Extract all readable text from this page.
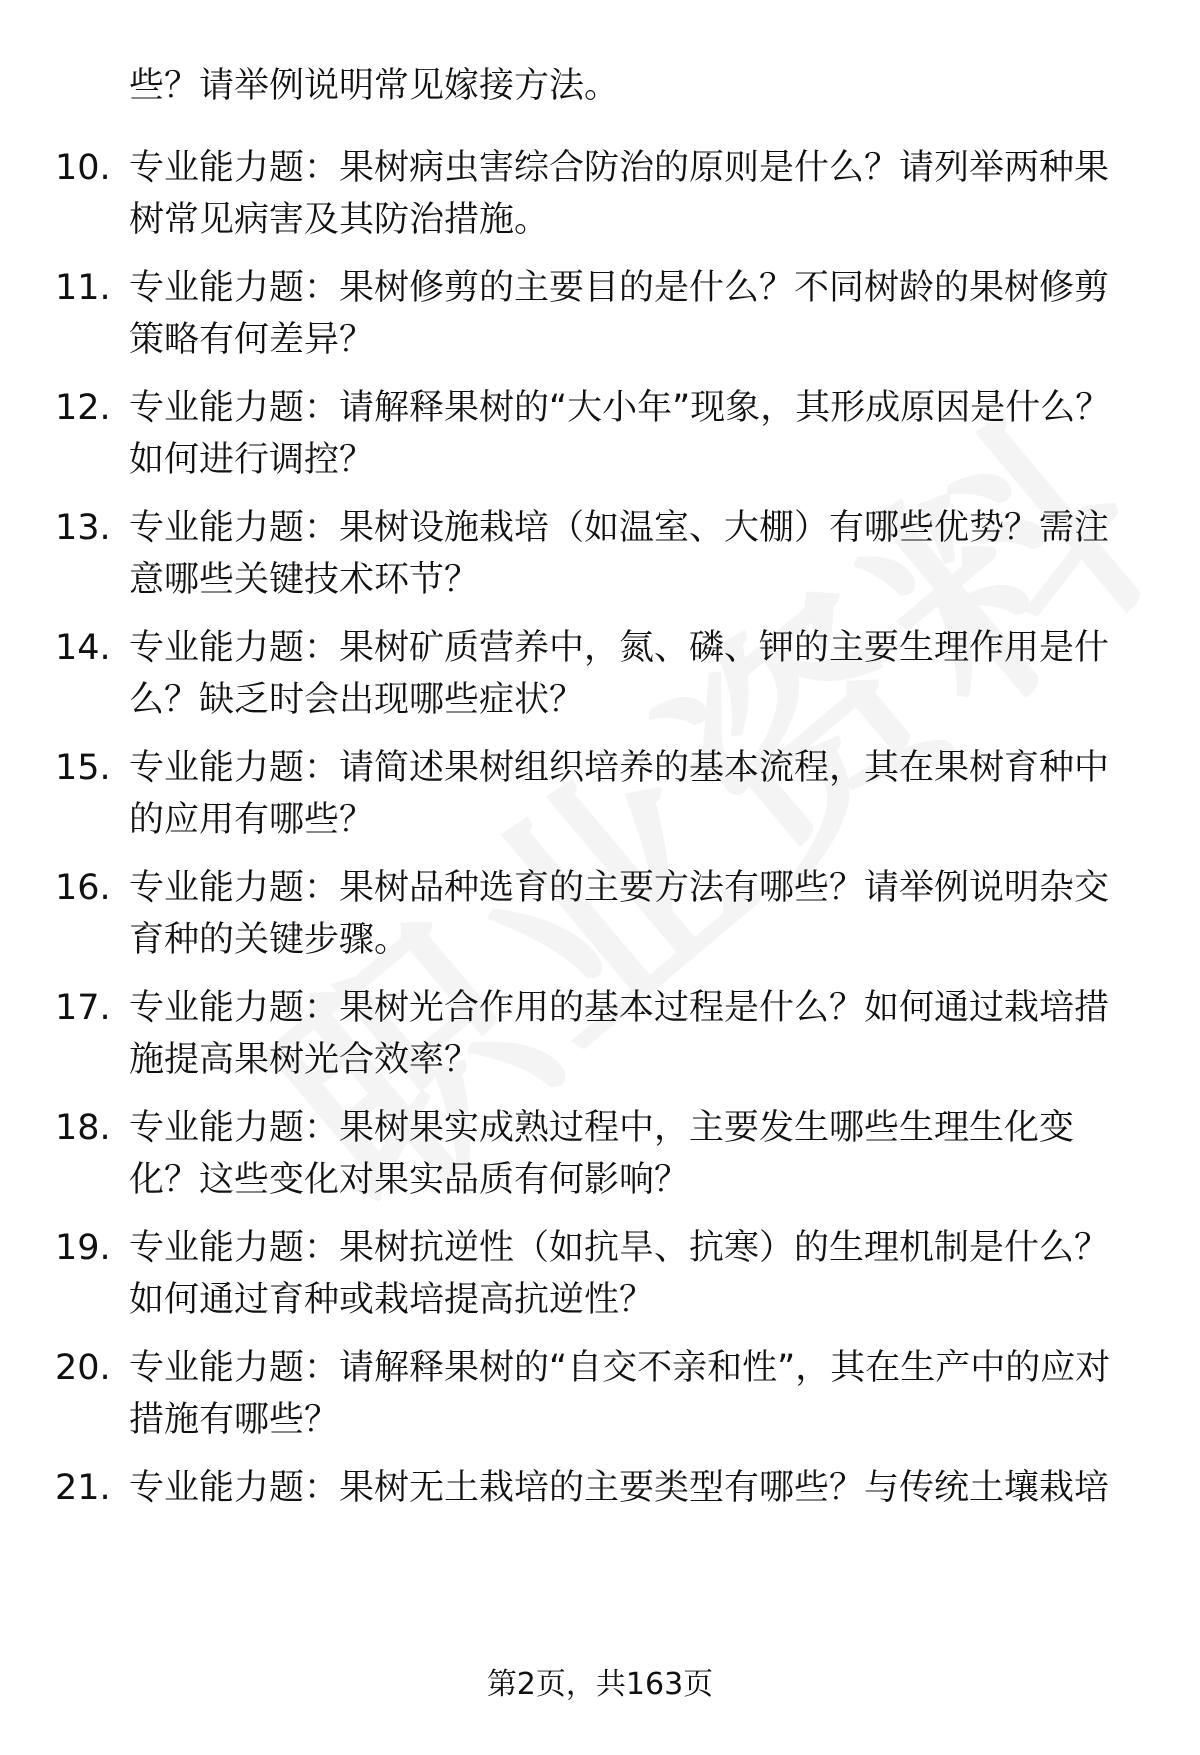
些？请举例说明常见嫁接方法。
10. 专业能力题：果树病虫害综合防治的原则是什么？请列举两种果树常见病害及其防治措施。
11. 专业能力题：果树修剪的主要目的是什么？不同树龄的果树修剪策略有何差异？
12. 专业能力题：请解释果树的“大小年”现象，其形成原因是什么？如何进行调控？
13. 专业能力题：果树设施栽培（如温室、大棚）有哪些优势？需注意哪些关键技术环节？
14. 专业能力题：果树矿质营养中，氮、磷、钾的主要生理作用是什么？缺乏时会出现哪些症状？
15. 专业能力题：请简述果树组织培养的基本流程，其在果树育种中的应用有哪些？
16. 专业能力题：果树品种选育的主要方法有哪些？请举例说明杂交育种的关键步骤。
17. 专业能力题：果树光合作用的基本过程是什么？如何通过栽培措施提高果树光合效率？
18. 专业能力题：果树果实成熟过程中，主要发生哪些生理生化变化？这些变化对果实品质有何影响？
19. 专业能力题：果树抗逆性（如抗旱、抗寒）的生理机制是什么？如何通过育种或栽培提高抗逆性？
20. 专业能力题：请解释果树的“自交不亲和性”，其在生产中的应对措施有哪些？
21. 专业能力题：果树无土栽培的主要类型有哪些？与传统土壤栽培
第2页，共163页
